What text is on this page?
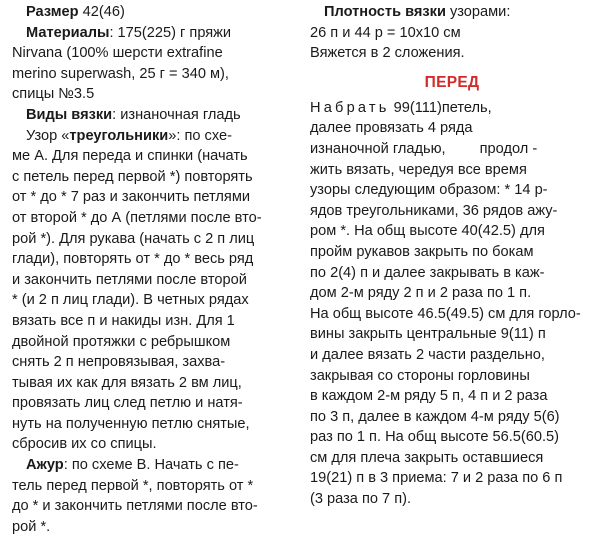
Размер 42(46)
Материалы: 175(225) г пряжи
Nirvana (100% шерсти extrafine
merino superwash, 25 г = 340 м),
спицы №3.5
Виды вязки: изнаночная гладь
Узор «треугольники»: по схе-
ме А. Для переда и спинки (начать
с петель перед первой *) повторять
от * до * 7 раз и закончить петлями
от второй * до А (петлями после вто-
рой *). Для рукава (начать с 2 п лиц
глади), повторять от * до * весь ряд
и закончить петлями после второй
* (и 2 п лиц глади). В четных рядах
вязать все п и накиды изн. Для 1
двойной протяжки с ребрышком
снять 2 п непровязывая, захва-
тывая их как для вязать 2 вм лиц,
провязать лиц след петлю и натя-
нуть на полученную петлю снятые,
сбросив их со спицы.
Ажур: по схеме В. Начать с пе-
тель перед первой *, повторять от *
до * и закончить петлями после вто-
рой *.
Плотность вязки узорами:
26 п и 44 р = 10х10 см
Вяжется в 2 сложения.
ПЕРЕД
Набрать 99(111)петель,
далее провязать 4 ряда
изнаночной гладью, продол -
жить вязать, чередуя все время
узоры следующим образом: * 14 р-
ядов треугольниками, 36 рядов ажу-
ром *. На общ высоте 40(42.5) для
пройм рукавов закрыть по бокам
по 2(4) п и далее закрывать в каж-
дом 2-м ряду 2 п и 2 раза по 1 п.
На общ высоте 46.5(49.5) см для горло-
вины закрыть центральные 9(11) п
и далее вязать 2 части раздельно,
закрывая со стороны горловины
в каждом 2-м ряду 5 п, 4 п и 2 раза
по 3 п, далее в каждом 4-м ряду 5(6)
раз по 1 п. На общ высоте 56.5(60.5)
см для плеча закрыть оставшиеся
19(21) п в 3 приема: 7 и 2 раза по 6 п
(3 раза по 7 п).
